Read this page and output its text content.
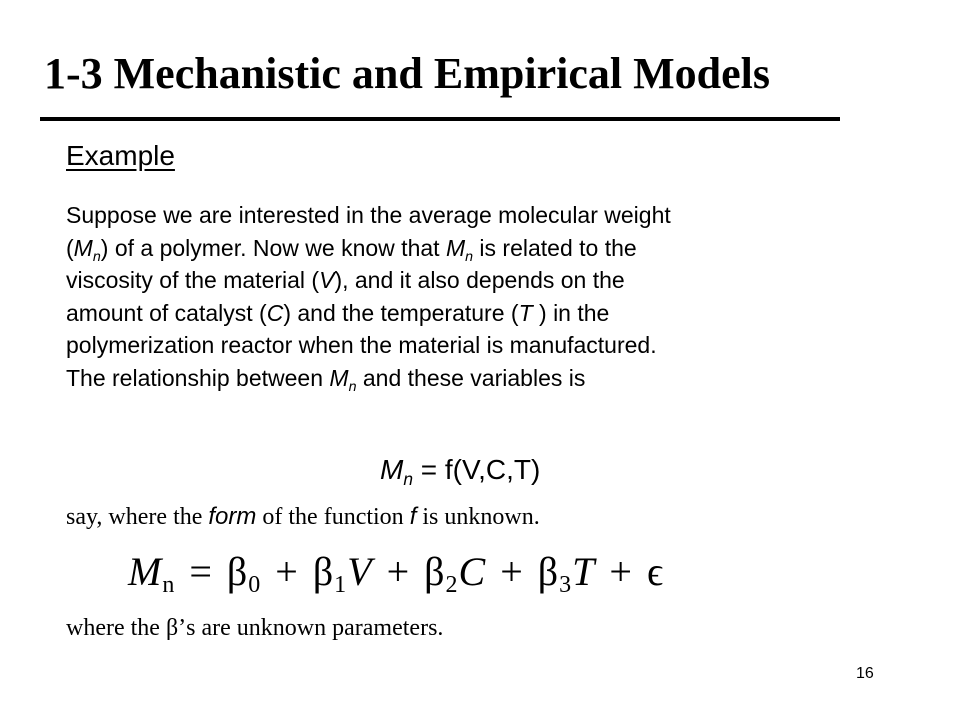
1-3 Mechanistic and Empirical Models
Example
Suppose we are interested in the average molecular weight
$(M_n)$ of a polymer. Now we know that $M_n$ is related to the
viscosity of the material (V), and it also depends on the
amount of catalyst (C) and the temperature (T ) in the
polymerization reactor when the material is manufactured.
The relationship between $M_n$ and these variables is
$M_n = f(V,C,T)$
say, where the form of the function f is unknown.
$M_n = \beta_0 + \beta_1V + \beta_2C + \beta_3T + \epsilon$
where the β’s are unknown parameters.
16
